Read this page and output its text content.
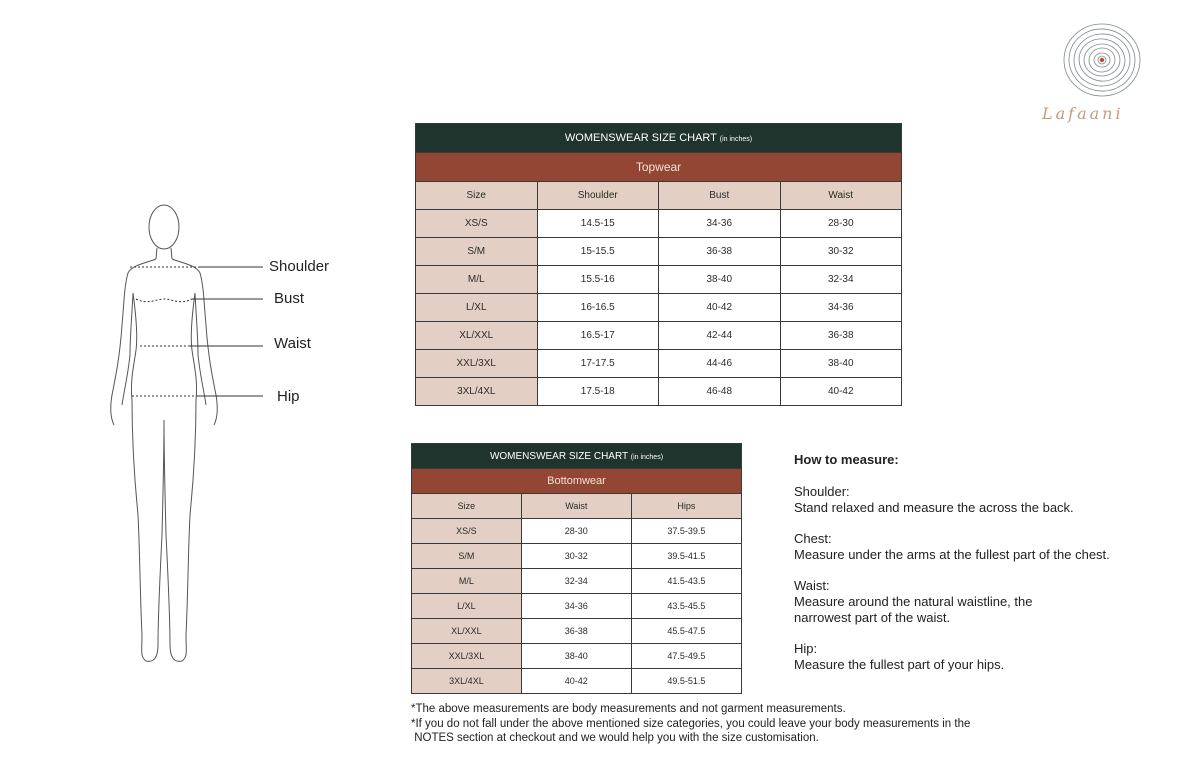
Shoulder
Bust
Waist
Hip
WOMENSWEAR SIZE CHART (in inches)			
Topwear			
Size	Shoulder	Bust	Waist
XS/S	14.5-15	34-36	28-30
S/M	15-15.5	36-38	30-32
M/L	15.5-16	38-40	32-34
L/XL	16-16.5	40-42	34-36
XL/XXL	16.5-17	42-44	36-38
XXL/3XL	17-17.5	44-46	38-40
3XL/4XL	17.5-18	46-48	40-42
WOMENSWEAR SIZE CHART (in inches)		
Bottomwear		
Size	Waist	Hips
XS/S	28-30	37.5-39.5
S/M	30-32	39.5-41.5
M/L	32-34	41.5-43.5
L/XL	34-36	43.5-45.5
XL/XXL	36-38	45.5-47.5
XXL/3XL	38-40	47.5-49.5
3XL/4XL	40-42	49.5-51.5
How to measure:
Shoulder:
Stand relaxed and measure the across the back.
Chest:
Measure under the arms at the fullest part of the chest.
Waist:
Measure around the natural waistline, the narrowest part of the waist.
Hip:
Measure the fullest part of your hips.
*The above measurements are body measurements and not garment measurements.
*If you do not fall under the above mentioned size categories, you could leave your body measurements in the
NOTES section at checkout and we would help you with the size customisation.
Lafaani
